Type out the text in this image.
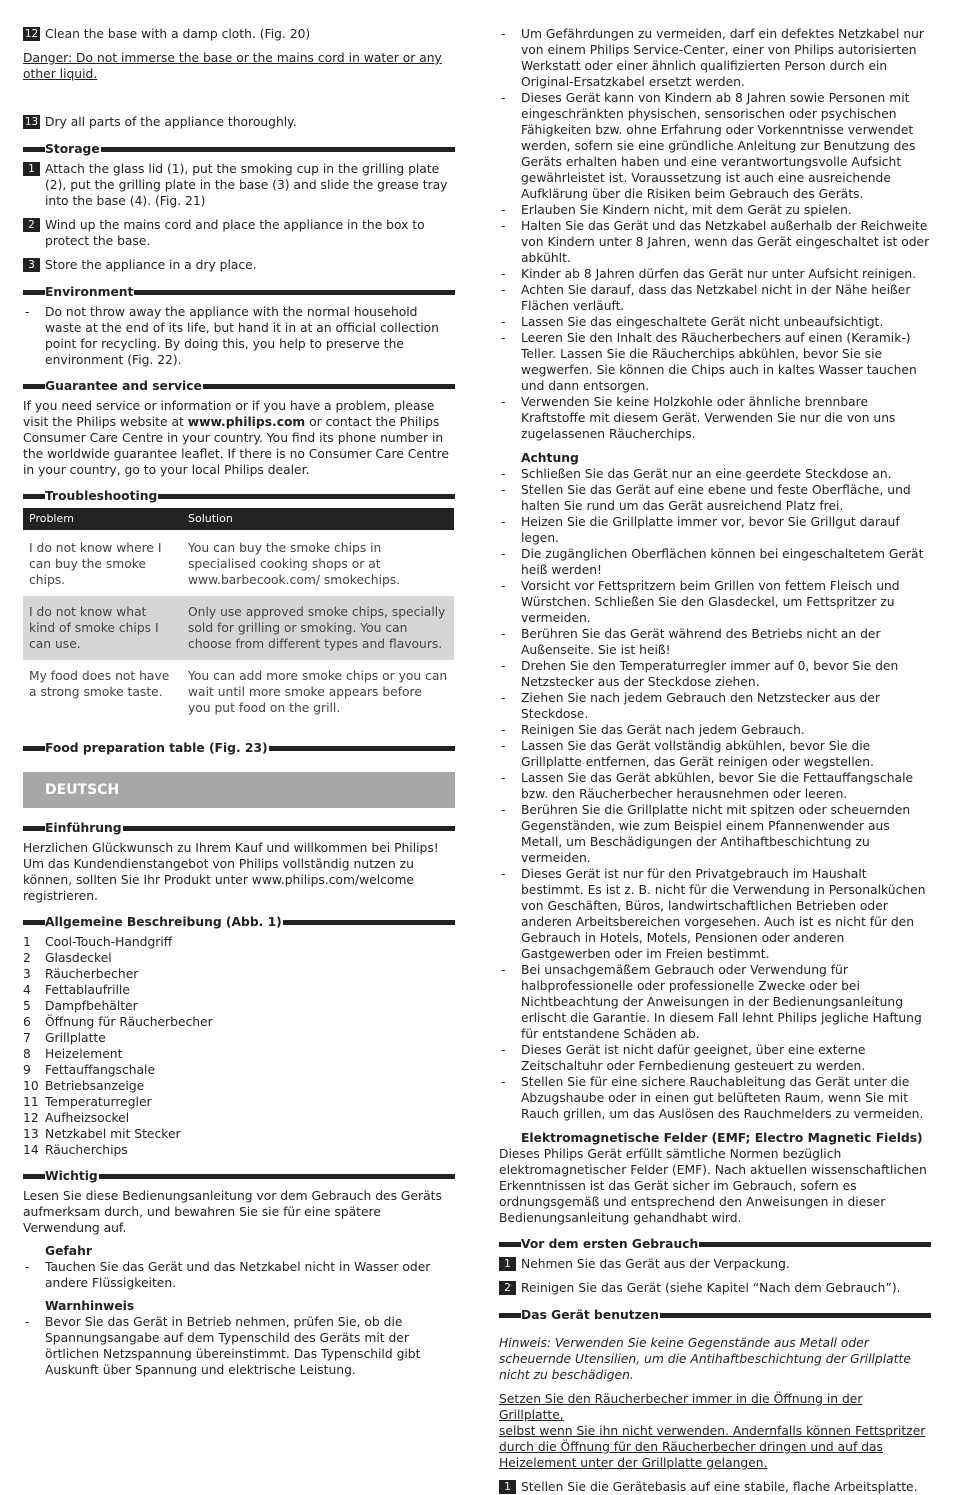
12 Clean the base with a damp cloth. (Fig. 20)
Danger: Do not immerse the base or the mains cord in water or any
other liquid.
13 Dry all parts of the appliance thoroughly.
Storage
1 Attach the glass lid (1), put the smoking cup in the grilling plate (2), put the grilling plate in the base (3) and slide the grease tray into the base (4). (Fig. 21)
2 Wind up the mains cord and place the appliance in the box to protect the base.
3 Store the appliance in a dry place.
Environment
- Do not throw away the appliance with the normal household waste at the end of its life, but hand it in at an official collection point for recycling. By doing this, you help to preserve the environment (Fig. 22).
Guarantee and service

If you need service or information or if you have a problem, please visit the Philips website at www.philips.com or contact the Philips Consumer Care Centre in your country. You find its phone number in the worldwide guarantee leaflet. If there is no Consumer Care Centre in your country, go to your local Philips dealer.

Troubleshooting
Problem	Solution
I do not know where I can buy the smoke chips.	You can buy the smoke chips in specialised cooking shops or at www.barbecook.com/ smokechips.
I do not know what kind of smoke chips I can use.	Only use approved smoke chips, specially sold for grilling or smoking. You can choose from different types and flavours.
My food does not have a strong smoke taste.	You can add more smoke chips or you can wait until more smoke appears before you put food on the grill.
Food preparation table (Fig. 23)
DEUTSCH
Einführung

Herzlichen Glückwunsch zu Ihrem Kauf und willkommen bei Philips! Um das Kundendienstangebot von Philips vollständig nutzen zu können, sollten Sie Ihr Produkt unter www.philips.com/welcome registrieren.

Allgemeine Beschreibung (Abb. 1)
1 Cool-Touch-Handgriff
2 Glasdeckel
3 Räucherbecher
4 Fettablaufrille
5 Dampfbehälter
6 Öffnung für Räucherbecher
7 Grillplatte
8 Heizelement
9 Fettauffangschale
10 Betriebsanzeige
11 Temperaturregler
12 Aufheizsockel
13 Netzkabel mit Stecker
14 Räucherchips
Wichtig

Lesen Sie diese Bedienungsanleitung vor dem Gebrauch des Geräts aufmerksam durch, und bewahren Sie sie für eine spätere Verwendung auf.

Gefahr
- Tauchen Sie das Gerät und das Netzkabel nicht in Wasser oder andere Flüssigkeiten.
Warnhinweis
- Bevor Sie das Gerät in Betrieb nehmen, prüfen Sie, ob die Spannungsangabe auf dem Typenschild des Geräts mit der örtlichen Netzspannung übereinstimmt. Das Typenschild gibt Auskunft über Spannung und elektrische Leistung.
- Um Gefährdungen zu vermeiden, darf ein defektes Netzkabel nur von einem Philips Service-Center, einer von Philips autorisierten Werkstatt oder einer ähnlich qualifizierten Person durch ein Original-Ersatzkabel ersetzt werden.
- Dieses Gerät kann von Kindern ab 8 Jahren sowie Personen mit eingeschränkten physischen, sensorischen oder psychischen Fähigkeiten bzw. ohne Erfahrung oder Vorkenntnisse verwendet werden, sofern sie eine gründliche Anleitung zur Benutzung des Geräts erhalten haben und eine verantwortungsvolle Aufsicht gewährleistet ist. Voraussetzung ist auch eine ausreichende Aufklärung über die Risiken beim Gebrauch des Geräts.
- Erlauben Sie Kindern nicht, mit dem Gerät zu spielen.
- Halten Sie das Gerät und das Netzkabel außerhalb der Reichweite von Kindern unter 8 Jahren, wenn das Gerät eingeschaltet ist oder abkühlt.
- Kinder ab 8 Jahren dürfen das Gerät nur unter Aufsicht reinigen.
- Achten Sie darauf, dass das Netzkabel nicht in der Nähe heißer Flächen verläuft.
- Lassen Sie das eingeschaltete Gerät nicht unbeaufsichtigt.
- Leeren Sie den Inhalt des Räucherbechers auf einen (Keramik-) Teller. Lassen Sie die Räucherchips abkühlen, bevor Sie sie wegwerfen. Sie können die Chips auch in kaltes Wasser tauchen und dann entsorgen.
- Verwenden Sie keine Holzkohle oder ähnliche brennbare Kraftstoffe mit diesem Gerät. Verwenden Sie nur die von uns zugelassenen Räucherchips.
Achtung
- Schließen Sie das Gerät nur an eine geerdete Steckdose an.
- Stellen Sie das Gerät auf eine ebene und feste Oberfläche, und halten Sie rund um das Gerät ausreichend Platz frei.
- Heizen Sie die Grillplatte immer vor, bevor Sie Grillgut darauf legen.
- Die zugänglichen Oberflächen können bei eingeschaltetem Gerät heiß werden!
- Vorsicht vor Fettspritzern beim Grillen von fettem Fleisch und Würstchen. Schließen Sie den Glasdeckel, um Fettspritzer zu vermeiden.
- Berühren Sie das Gerät während des Betriebs nicht an der Außenseite. Sie ist heiß!
- Drehen Sie den Temperaturregler immer auf 0, bevor Sie den Netzstecker aus der Steckdose ziehen.
- Ziehen Sie nach jedem Gebrauch den Netzstecker aus der Steckdose.
- Reinigen Sie das Gerät nach jedem Gebrauch.
- Lassen Sie das Gerät vollständig abkühlen, bevor Sie die Grillplatte entfernen, das Gerät reinigen oder wegstellen.
- Lassen Sie das Gerät abkühlen, bevor Sie die Fettauffangschale bzw. den Räucherbecher herausnehmen oder leeren.
- Berühren Sie die Grillplatte nicht mit spitzen oder scheuernden Gegenständen, wie zum Beispiel einem Pfannenwender aus Metall, um Beschädigungen der Antihaftbeschichtung zu vermeiden.
- Dieses Gerät ist nur für den Privatgebrauch im Haushalt bestimmt. Es ist z. B. nicht für die Verwendung in Personalküchen von Geschäften, Büros, landwirtschaftlichen Betrieben oder anderen Arbeitsbereichen vorgesehen. Auch ist es nicht für den Gebrauch in Hotels, Motels, Pensionen oder anderen Gastgewerben oder im Freien bestimmt.
- Bei unsachgemäßem Gebrauch oder Verwendung für halbprofessionelle oder professionelle Zwecke oder bei Nichtbeachtung der Anweisungen in der Bedienungsanleitung erlischt die Garantie. In diesem Fall lehnt Philips jegliche Haftung für entstandene Schäden ab.
- Dieses Gerät ist nicht dafür geeignet, über eine externe Zeitschaltuhr oder Fernbedienung gesteuert zu werden.
- Stellen Sie für eine sichere Rauchableitung das Gerät unter die Abzugshaube oder in einen gut belüfteten Raum, wenn Sie mit Rauch grillen, um das Auslösen des Rauchmelders zu vermeiden.
Elektromagnetische Felder (EMF; Electro Magnetic Fields)

Dieses Philips Gerät erfüllt sämtliche Normen bezüglich elektromagnetischer Felder (EMF). Nach aktuellen wissenschaftlichen Erkenntnissen ist das Gerät sicher im Gebrauch, sofern es ordnungsgemäß und entsprechend den Anweisungen in dieser Bedienungsanleitung gehandhabt wird.

Vor dem ersten Gebrauch
1 Nehmen Sie das Gerät aus der Verpackung.
2 Reinigen Sie das Gerät (siehe Kapitel “Nach dem Gebrauch”).
Das Gerät benutzen

Hinweis: Verwenden Sie keine Gegenstände aus Metall oder scheuernde Utensilien, um die Antihaftbeschichtung der Grillplatte nicht zu beschädigen.

Setzen Sie den Räucherbecher immer in die Öffnung in der Grillplatte,
selbst wenn Sie ihn nicht verwenden. Andernfalls können Fettspritzer
durch die Öffnung für den Räucherbecher dringen und auf das
Heizelement unter der Grillplatte gelangen.
1 Stellen Sie die Gerätebasis auf eine stabile, flache Arbeitsplatte.
